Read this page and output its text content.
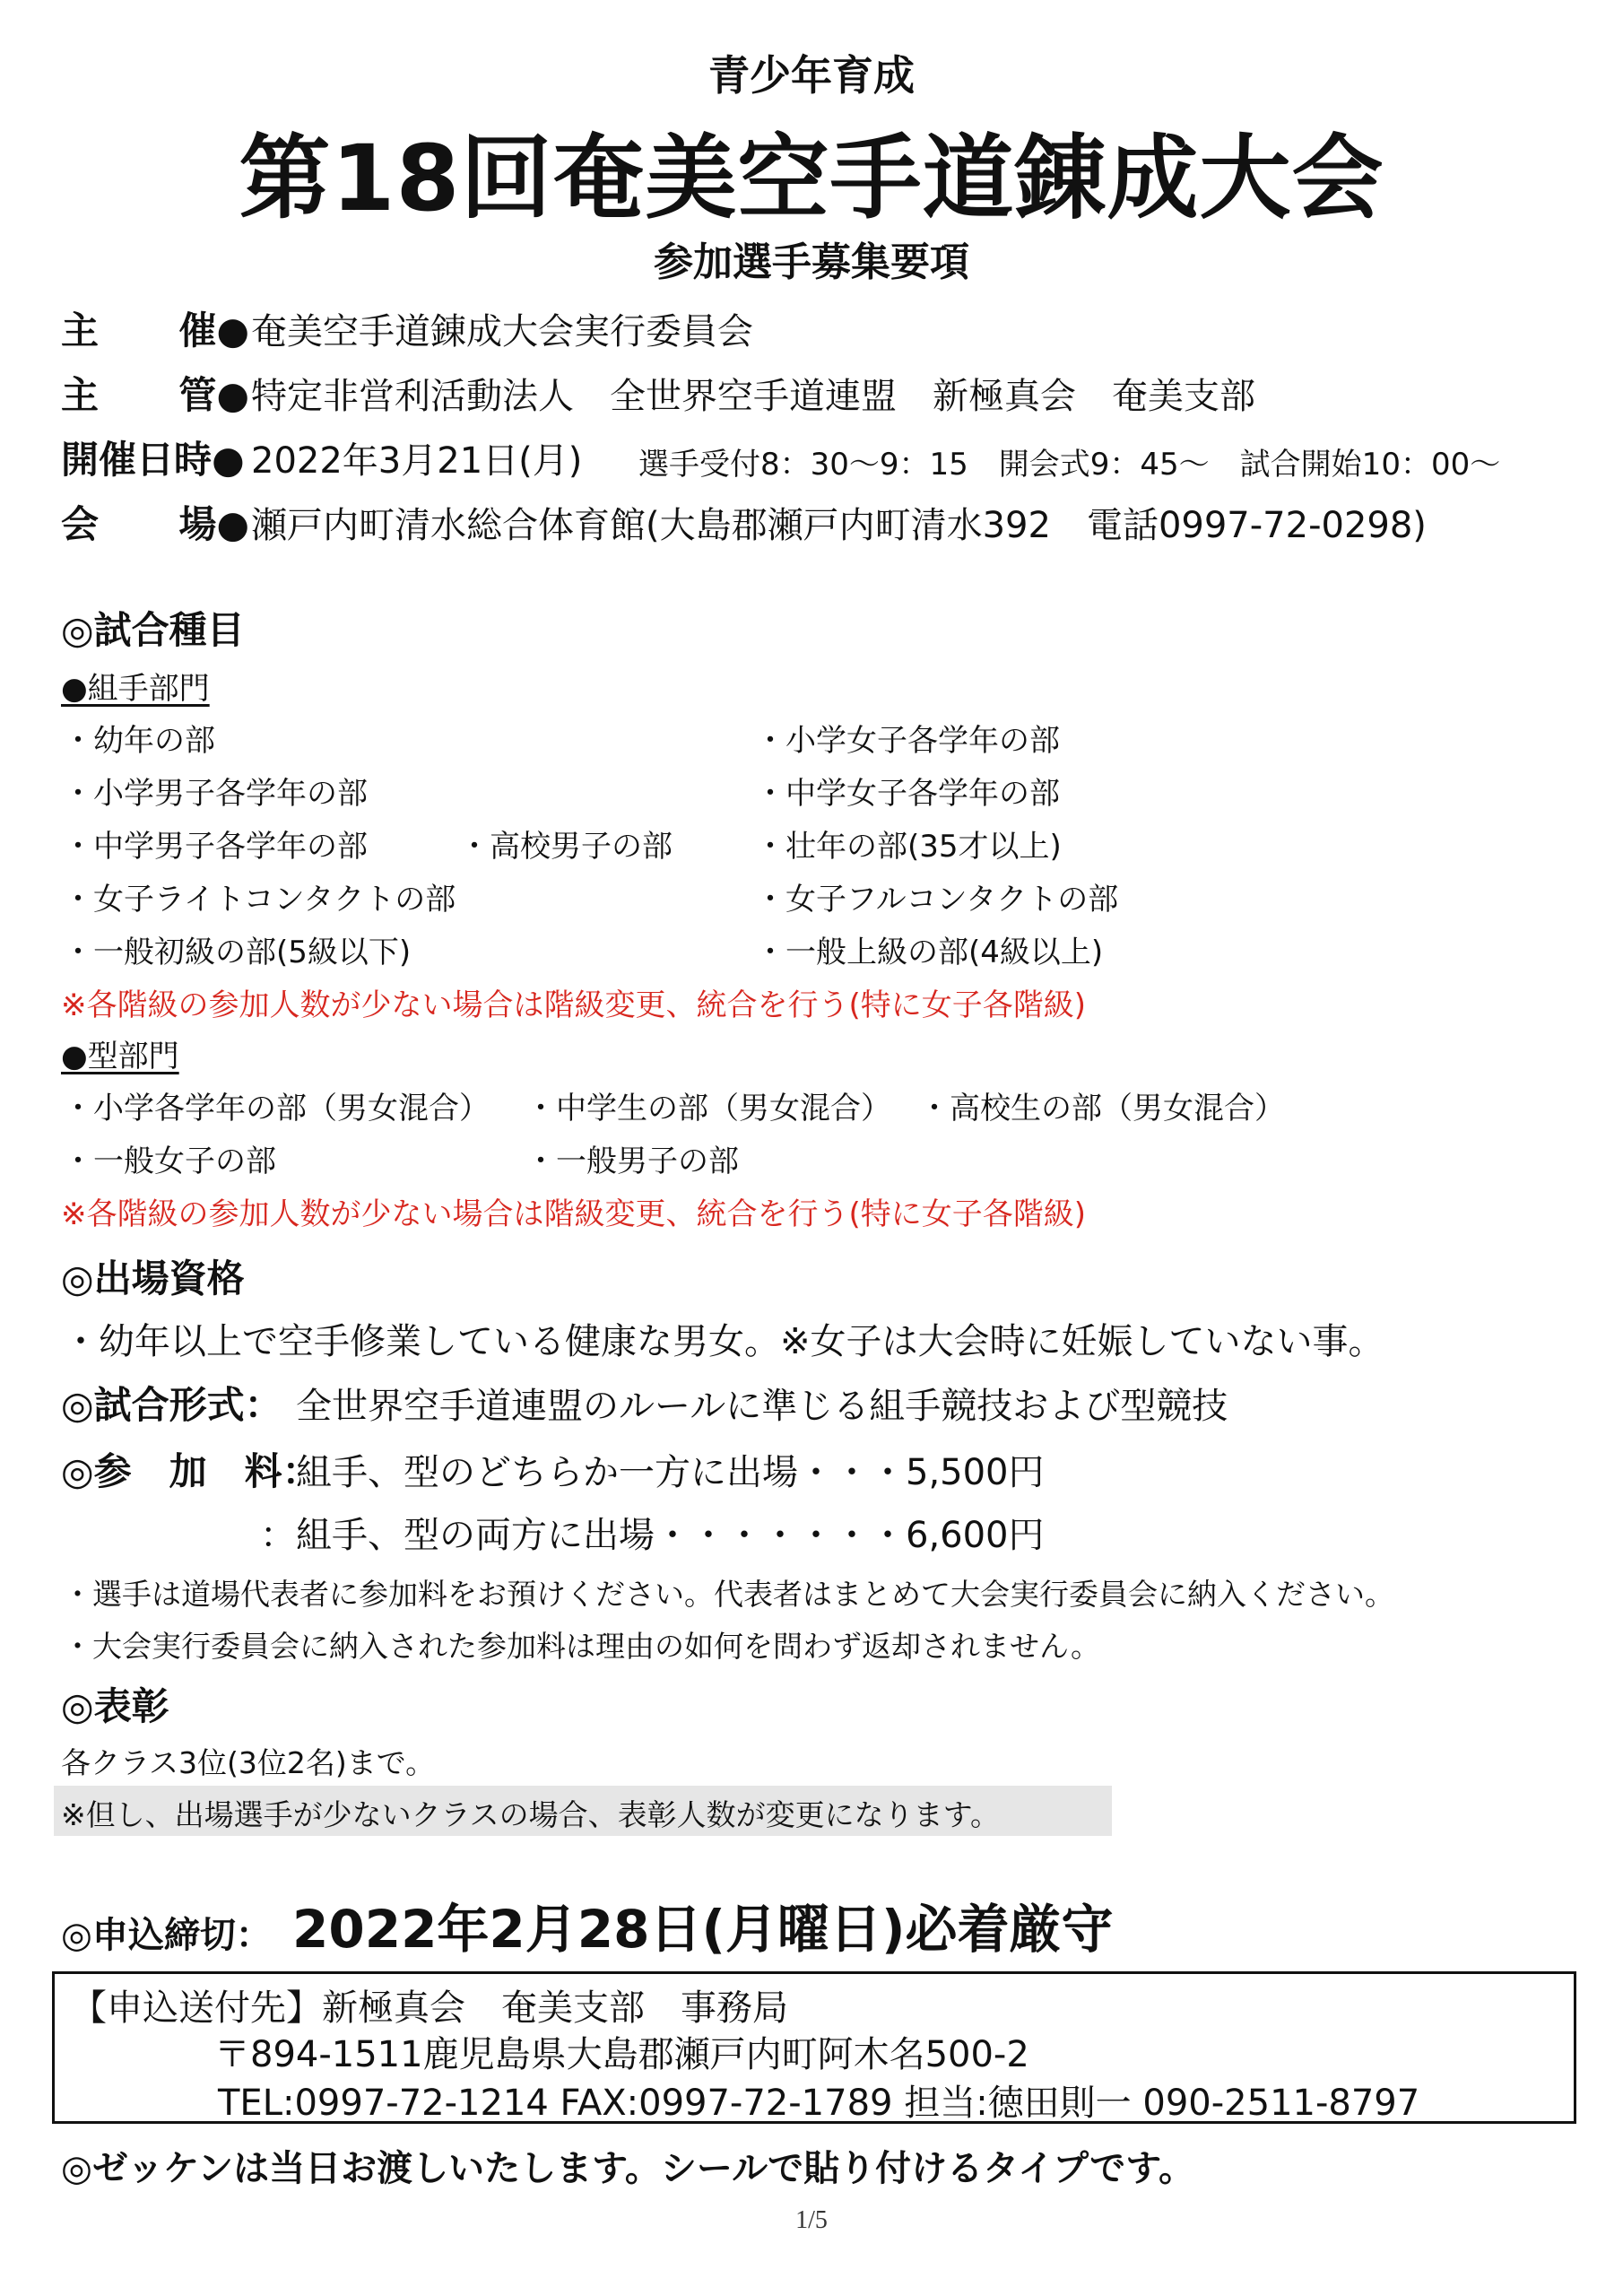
青少年育成
第18回奄美空手道錬成大会
参加選手募集要項
主 催● 奄美空手道錬成大会実行委員会
主 管● 特定非営利活動法人　全世界空手道連盟　新極真会　奄美支部
開催日時● 2022年3月21日(月) 選手受付8：30～9：15　開会式9：45～　試合開始10：00～
会 場● 瀬戸内町清水総合体育館(大島郡瀬戸内町清水392　電話0997-72-0298)
◎試合種目
●組手部門
・幼年の部
・小学男子各学年の部
・中学男子各学年の部
・女子ライトコンタクトの部
・一般初級の部(5級以下)
・高校男子の部
・小学女子各学年の部
・中学女子各学年の部
・壮年の部(35才以上)
・女子フルコンタクトの部
・一般上級の部(4級以上)
※各階級の参加人数が少ない場合は階級変更、統合を行う(特に女子各階級)
●型部門
・小学各学年の部（男女混合） ・中学生の部（男女混合） ・高校生の部（男女混合）
・一般女子の部	・一般男子の部
※各階級の参加人数が少ない場合は階級変更、統合を行う(特に女子各階級)
◎出場資格
・幼年以上で空手修業している健康な男女。※女子は大会時に妊娠していない事。
◎試合形式： 全世界空手道連盟のルールに準じる組手競技および型競技
◎参　加　料：
組手、型のどちらか一方に出場・・・5,500円
：組手、型の両方に出場・・・・・・・6,600円
・選手は道場代表者に参加料をお預けください。代表者はまとめて大会実行委員会に納入ください。
・大会実行委員会に納入された参加料は理由の如何を問わず返却されません。
◎表彰
各クラス3位(3位2名)まで。
※但し、出場選手が少ないクラスの場合、表彰人数が変更になります。
◎申込締切： 2022年2月28日(月曜日)必着厳守
【申込送付先】新極真会　奄美支部　事務局
〒894-1511鹿児島県大島郡瀬戸内町阿木名500-2
TEL:0997-72-1214 FAX:0997-72-1789 担当:徳田則一 090-2511-8797
◎ゼッケンは当日お渡しいたします。シールで貼り付けるタイプです。
1/5
